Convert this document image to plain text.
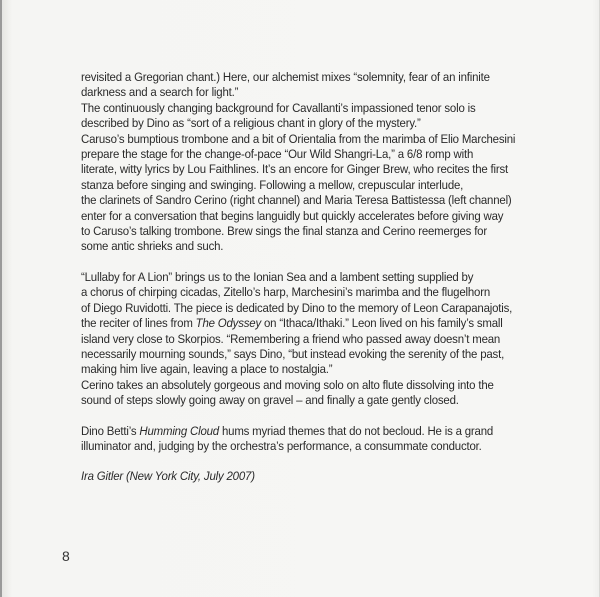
revisited a Gregorian chant.) Here, our alchemist mixes “solemnity, fear of an infinite
darkness and a search for light.”
The continuously changing background for Cavallanti’s impassioned tenor solo is
described by Dino as “sort of a religious chant in glory of the mystery.”
Caruso’s bumptious trombone and a bit of Orientalia from the marimba of Elio Marchesini
prepare the stage for the change-of-pace “Our Wild Shangri-La,” a 6/8 romp with
literate, witty lyrics by Lou Faithlines. It’s an encore for Ginger Brew, who recites the first
stanza before singing and swinging. Following a mellow, crepuscular interlude,
the clarinets of Sandro Cerino (right channel) and Maria Teresa Battistessa (left channel)
enter for a conversation that begins languidly but quickly accelerates before giving way
to Caruso’s talking trombone. Brew sings the final stanza and Cerino reemerges for
some antic shrieks and such.

“Lullaby for A Lion” brings us to the Ionian Sea and a lambent setting supplied by
a chorus of chirping cicadas, Zitello’s harp, Marchesini’s marimba and the flugelhorn
of Diego Ruvidotti. The piece is dedicated by Dino to the memory of Leon Carapanajotis,
the reciter of lines from The Odyssey on “Ithaca/Ithaki.” Leon lived on his family’s small
island very close to Skorpios. “Remembering a friend who passed away doesn’t mean
necessarily mourning sounds,” says Dino, “but instead evoking the serenity of the past,
making him live again, leaving a place to nostalgia.”
Cerino takes an absolutely gorgeous and moving solo on alto flute dissolving into the
sound of steps slowly going away on gravel – and finally a gate gently closed.

Dino Betti’s Humming Cloud hums myriad themes that do not becloud. He is a grand
illuminator and, judging by the orchestra’s performance, a consummate conductor.

Ira Gitler (New York City, July 2007)

8
